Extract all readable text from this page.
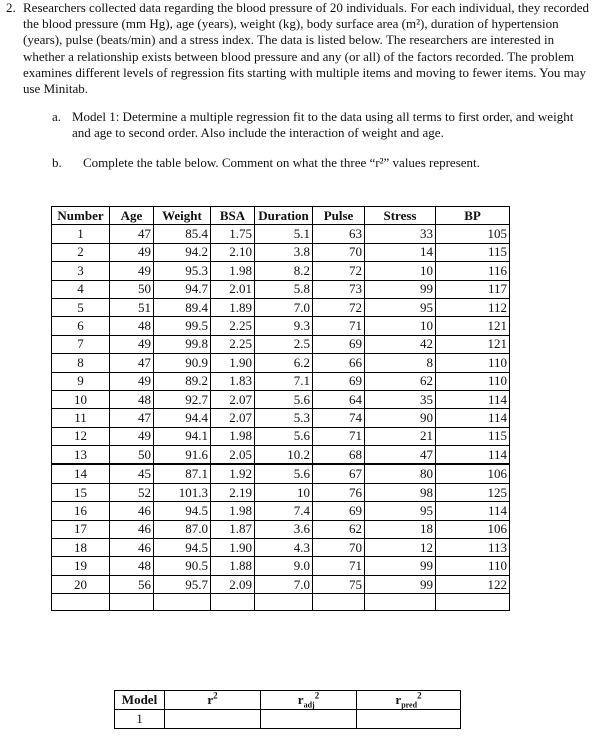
2. Researchers collected data regarding the blood pressure of 20 individuals. For each individual, they recorded the blood pressure (mm Hg), age (years), weight (kg), body surface area (m²), duration of hypertension (years), pulse (beats/min) and a stress index. The data is listed below. The researchers are interested in whether a relationship exists between blood pressure and any (or all) of the factors recorded. The problem examines different levels of regression fits starting with multiple items and moving to fewer items. You may use Minitab.
a. Model 1: Determine a multiple regression fit to the data using all terms to first order, and weight and age to second order. Also include the interaction of weight and age.
b. Complete the table below. Comment on what the three “r²” values represent.
Number	Age	Weight	BSA	Duration	Pulse	Stress	BP
1	47	85.4	1.75	5.1	63	33	105
2	49	94.2	2.10	3.8	70	14	115
3	49	95.3	1.98	8.2	72	10	116
4	50	94.7	2.01	5.8	73	99	117
5	51	89.4	1.89	7.0	72	95	112
6	48	99.5	2.25	9.3	71	10	121
7	49	99.8	2.25	2.5	69	42	121
8	47	90.9	1.90	6.2	66	8	110
9	49	89.2	1.83	7.1	69	62	110
10	48	92.7	2.07	5.6	64	35	114
11	47	94.4	2.07	5.3	74	90	114
12	49	94.1	1.98	5.6	71	21	115
13	50	91.6	2.05	10.2	68	47	114
14	45	87.1	1.92	5.6	67	80	106
15	52	101.3	2.19	10	76	98	125
16	46	94.5	1.98	7.4	69	95	114
17	46	87.0	1.87	3.6	62	18	106
18	46	94.5	1.90	4.3	70	12	113
19	48	90.5	1.88	9.0	71	99	110
20	56	95.7	2.09	7.0	75	99	122

Model	$r^2$	$r_{adj}^2$	$r_{pred}^2$
1			
